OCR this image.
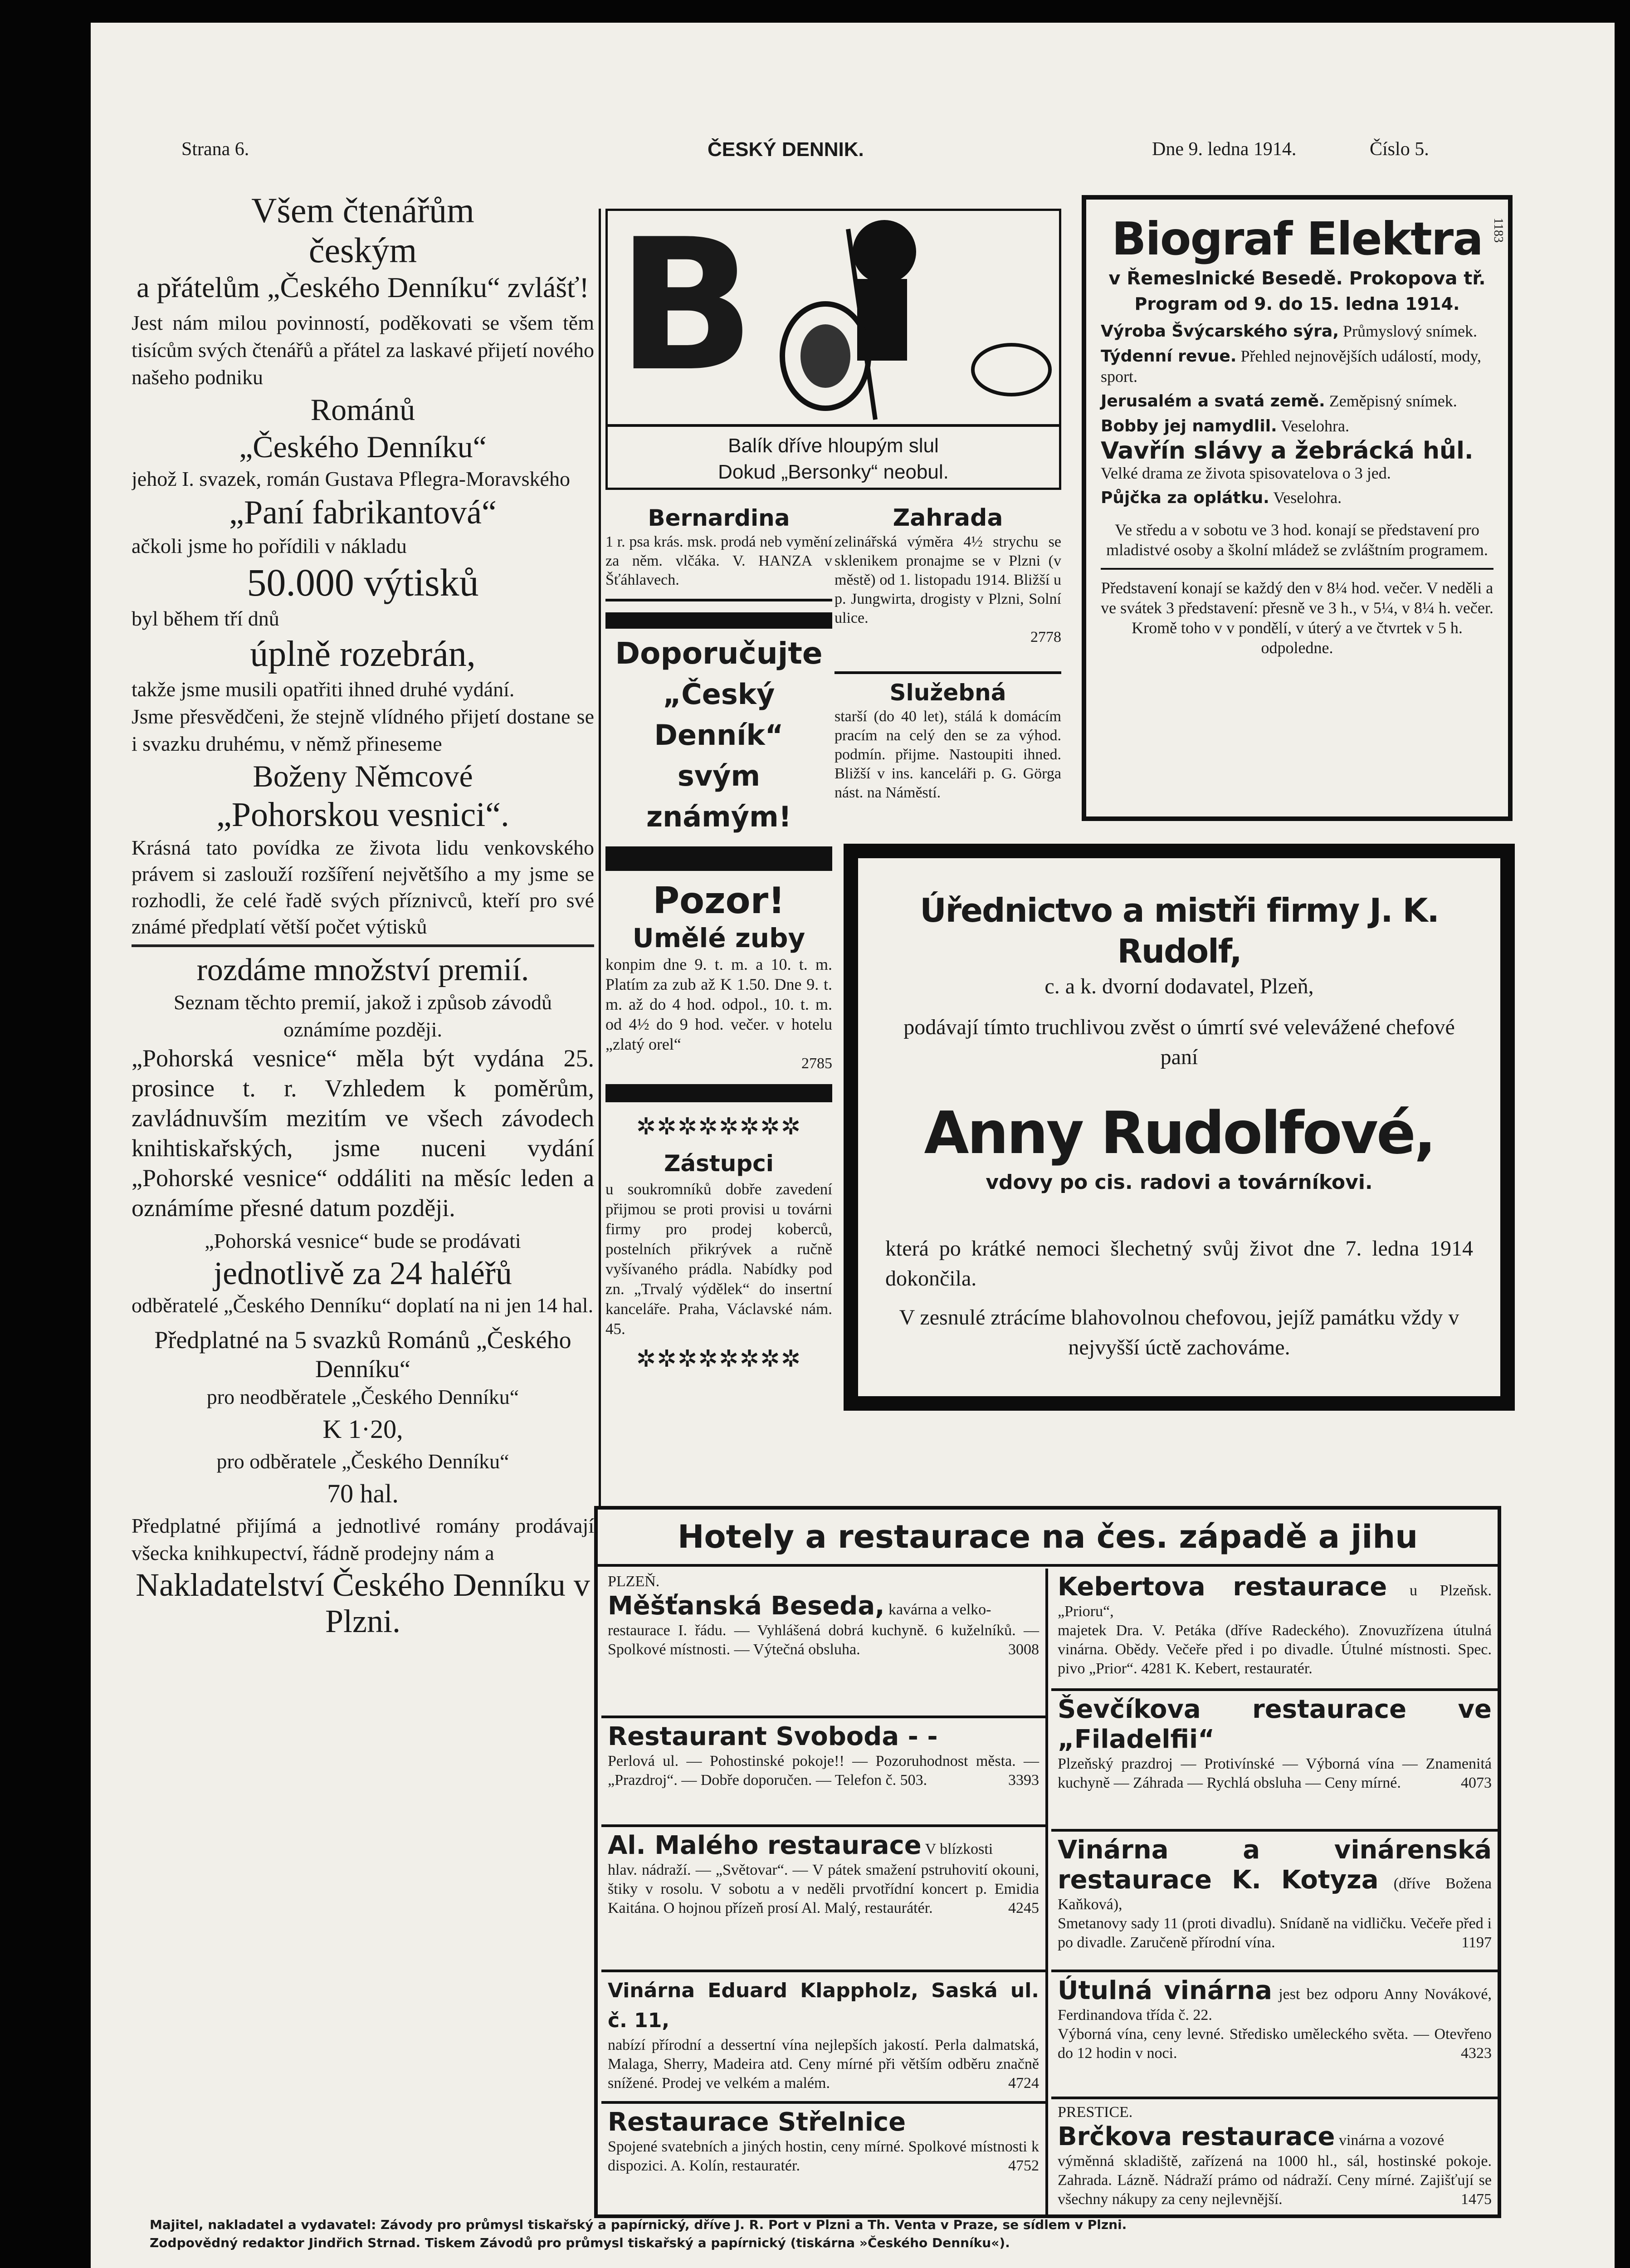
Strana 6.	ČESKÝ DENNIK.	Dne 9. ledna 1914.	Číslo 5.

Všem čtenářům

českým

a přátelům „Českého Denníku“ zvlášť!

Jest nám milou povinností, poděkovati se všem těm tisícům svých čtenářů a přátel za laskavé přijetí nového našeho podniku

Románů

„Českého Denníku“

jehož I. svazek, román Gustava Pflegra-Moravského

„Paní fabrikantová“

ačkoli jsme ho pořídili v nákladu

50.000 výtisků

byl během tří dnů

úplně rozebrán,

takže jsme musili opatřiti ihned druhé vydání.

Jsme přesvědčeni, že stejně vlídného přijetí dostane se i svazku druhému, v němž přineseme

Boženy Němcové

„Pohorskou vesnici“.

Krásná tato povídka ze života lidu venkovského právem si zaslouží rozšíření největšího a my jsme se rozhodli, že celé řadě svých příznivců, kteří pro své známé předplatí větší počet výtisků

rozdáme množství premií.

Seznam těchto premií, jakož i způsob závodů oznámíme později.

„Pohorská vesnice“ měla být vydána 25. prosince t. r. Vzhledem k poměrům, zavládnuvším mezitím ve všech závodech knihtiskařských, jsme nuceni vydání „Pohorské vesnice“ oddáliti na měsíc leden a oznámíme přesné datum později.

„Pohorská vesnice“ bude se prodávati

jednotlivě za 24 haléřů

odběratelé „Českého Denníku“ doplatí na ni jen 14 hal.

Předplatné na 5 svazků Románů „Českého Denníku“

pro neodběratele „Českého Denníku“

K 1·20,

pro odběratele „Českého Denníku“

70 hal.

Předplatné přijímá a jednotlivé romány prodávají všecka knihkupectví, řádně prodejny nám a

Nakladatelství Českého Denníku v Plzni.

B

Balík dříve hloupým slul

Dokud „Bersonky“ neobul.

Bernardina

1 r. psa krás. msk. prodá neb vymění za něm. vlčáka. V. HANZA v Šťáhlavech.

Doporučujte

„Český Denník“

svým známým!

Zahrada

zelinářská výměra 4½ strychu se sklenikem pronajme se v Plzni (v městě) od 1. listopadu 1914. Bližší u p. Jungwirta, drogisty v Plzni, Solní ulice.

2778

Služebná

starší (do 40 let), stálá k domácím pracím na celý den se za výhod. podmín. přijme. Nastoupiti ihned. Bližší v ins. kanceláři p. G. Görga nást. na Náměstí.

Pozor!

Umělé zuby

konpim dne 9. t. m. a 10. t. m. Platím za zub až K 1.50. Dne 9. t. m. až do 4 hod. odpol., 10. t. m. od 4½ do 9 hod. večer. v hotelu „zlatý orel“

2785

✲✲✲✲✲✲✲✲

Zástupci

u soukromníků dobře zavedení přijmou se proti provisi u továrni firmy pro prodej koberců, postelních přikrývek a ručně vyšívaného prádla. Nabídky pod zn. „Trvalý výdělek“ do insertní kanceláře. Praha, Václavské nám. 45.

✲✲✲✲✲✲✲✲

1183

Biograf Elektra

v Řemeslnické Besedě. Prokopova tř.

Program od 9. do 15. ledna 1914.

Výroba Švýcarského sýra, Průmyslový snímek.
Týdenní revue. Přehled nejnovějších událostí, mody, sport.
Jerusalém a svatá země. Zeměpisný snímek.
Bobby jej namydlil. Veselohra.
Vavřín slávy a žebrácká hůl.
Velké drama ze života spisovatelova o 3 jed.
Půjčka za oplátku. Veselohra.

Ve středu a v sobotu ve 3 hod. konají se představení pro mladistvé osoby a školní mládež se zvláštním programem.

Představení konají se každý den v 8¼ hod. večer. V neděli a ve svátek 3 představení: přesně ve 3 h., v 5¼, v 8¼ h. večer. Kromě toho v v pondělí, v úterý a ve čtvrtek v 5 h. odpoledne.

Úřednictvo a mistři firmy J. K. Rudolf,

c. a k. dvorní dodavatel, Plzeň,

podávají tímto truchlivou zvěst o úmrtí své velevážené chefové paní

Anny Rudolfové,

vdovy po cis. radovi a továrníkovi.

která po krátké nemoci šlechetný svůj život dne 7. ledna 1914 dokončila.

V zesnulé ztrácíme blahovolnou chefovou, jejíž památku vždy v nejvyšší úctě zachováme.

Hotely a restaurace na čes. západě a jihu

PLZEŇ.
Měšťanská Beseda, kavárna a velko-
restaurace I. řádu. — Vyhlášená dobrá kuchyně. 6 kuželníků. — Spolkové místnosti. — Výtečná obsluha.	3008
Restaurant Svoboda - -
Perlová ul. — Pohostinské pokoje!! — Pozoruhodnost města. — „Prazdroj“. — Dobře doporučen. — Telefon č. 503.	3393
Al. Malého restaurace V blízkosti
hlav. nádraží. — „Světovar“. — V pátek smažení pstruhovití okouni, štiky v rosolu. V sobotu a v neděli prvotřídní koncert p. Emidia Kaitána. O hojnou přízeň prosí Al. Malý, restaurátér.	4245
Vinárna Eduard Klappholz, Saská ul. č. 11,
nabízí přírodní a dessertní vína nejlepších jakostí. Perla dalmatská, Malaga, Sherry, Madeira atd. Ceny mírné při větším odběru značně snížené. Prodej ve velkém a malém.	4724
Restaurace Střelnice
Spojené svatebních a jiných hostin, ceny mírné. Spolkové místnosti k dispozici. A. Kolín, restauratér.	4752
Kebertova restaurace u Plzeňsk. „Prioru“,
majetek Dra. V. Petáka (dříve Radeckého). Znovuzřízena útulná vinárna. Obědy. Večeře před i po divadle. Útulné místnosti. Spec. pivo „Prior“. 4281 K. Kebert, restauratér.
Ševčíkova restaurace ve „Filadelfii“
Plzeňský prazdroj — Protivínské — Výborná vína — Znamenitá kuchyně — Záhrada — Rychlá obsluha — Ceny mírné.	4073
Vinárna a vinárenská restaurace K. Kotyza (dříve Božena Kaňková),
Smetanovy sady 11 (proti divadlu). Snídaně na vidličku. Večeře před i po divadle. Zaručeně přírodní vína.	1197
Útulná vinárna jest bez odporu Anny Novákové, Ferdinandova třída č. 22.
Výborná vína, ceny levné. Středisko uměleckého světa. — Otevřeno do 12 hodin v noci.	4323
PRESTICE.
Brčkova restaurace vinárna a vozové
výměnná skladiště, zařízená na 1000 hl., sál, hostinské pokoje. Zahrada. Lázně. Nádraží prámo od nádraží. Ceny mírné. Zajišťují se všechny nákupy za ceny nejlevnější.	1475

Majitel, nakladatel a vydavatel: Závody pro průmysl tiskařský a papírnický, dříve J. R. Port v Plzni a Th. Venta v Praze, se sídlem v Plzni.

Zodpovědný redaktor Jindřich Strnad. Tiskem Závodů pro průmysl tiskařský a papírnický (tiskárna »Českého Denníku«).
